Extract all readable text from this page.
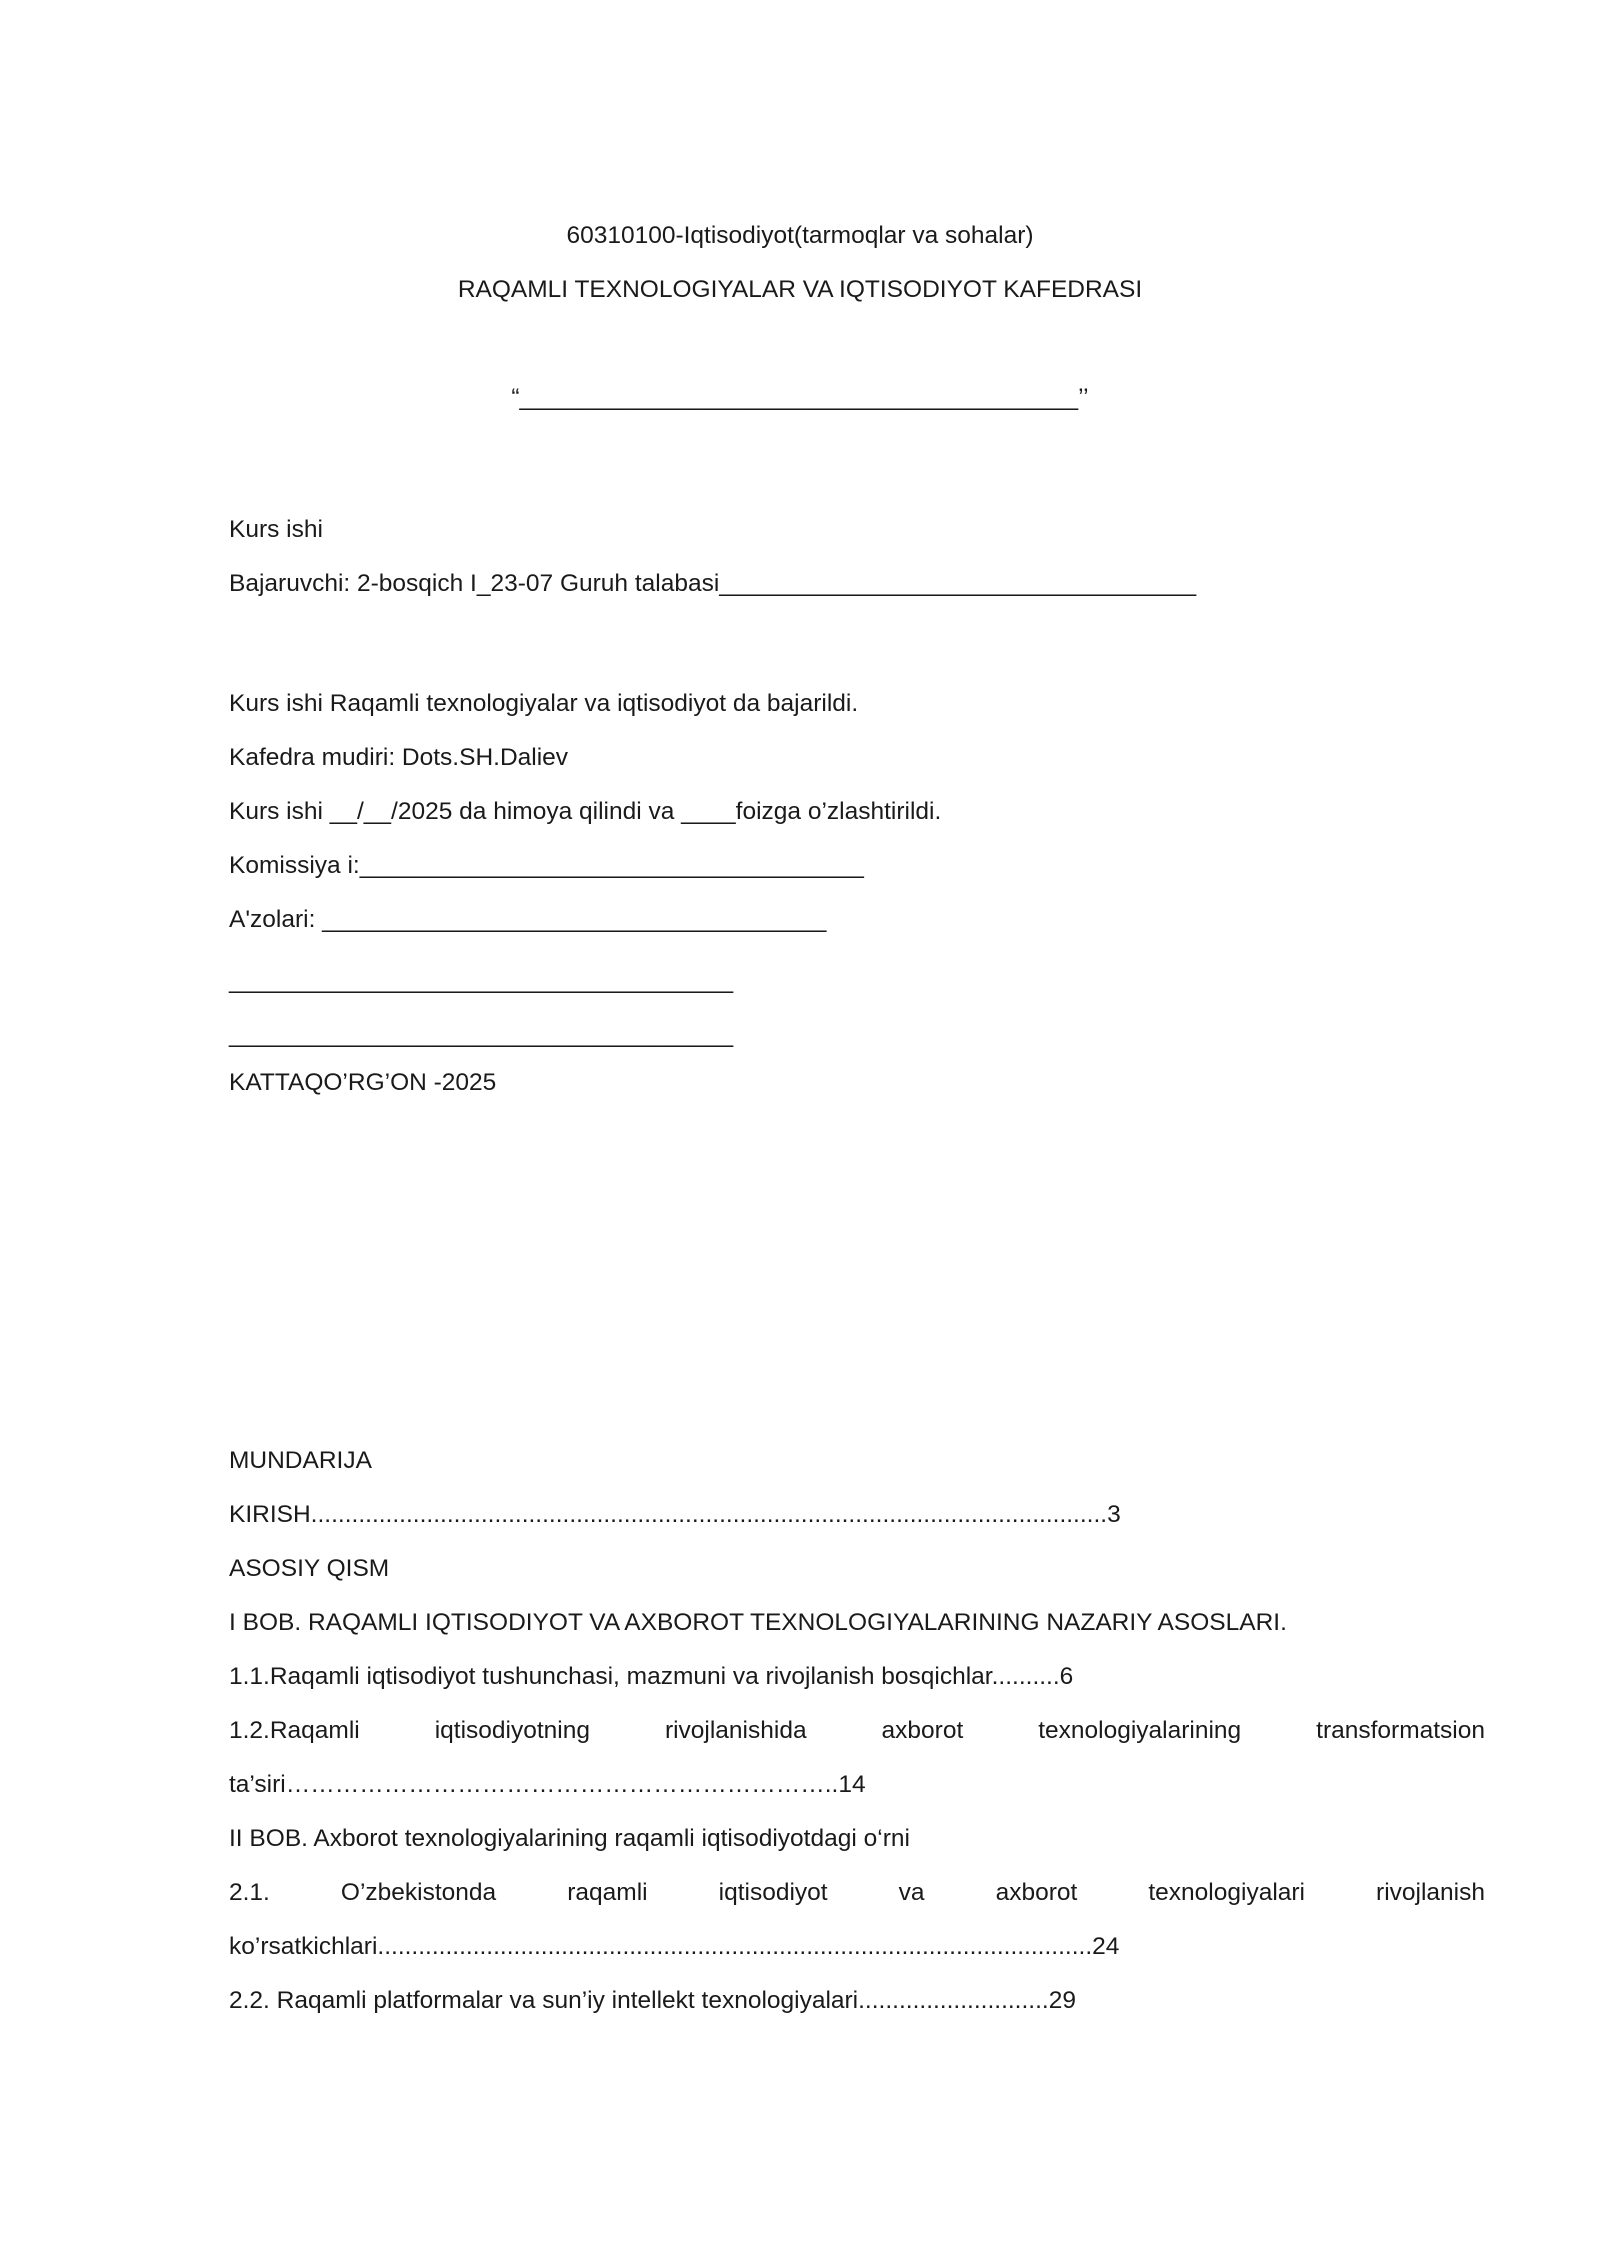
60310100-Iqtisodiyot(tarmoqlar va sohalar)

RAQAMLI TEXNOLOGIYALAR VA IQTISODIYOT KAFEDRASI

“_________________________________________’’

Kurs ishi

Bajaruvchi: 2-bosqich I_23-07 Guruh talabasi___________________________________

Kurs ishi Raqamli texnologiyalar va iqtisodiyot da bajarildi.

Kafedra mudiri: Dots.SH.Daliev

Kurs ishi __/__/2025 da himoya qilindi va ____foizga o’zlashtirildi.

Komissiya i:_____________________________________

A'zolari: _____________________________________

_____________________________________

_____________________________________

KATTAQO’RG’ON -2025

MUNDARIJA

KIRISH.....................................................................................................................3

ASOSIY QISM

I BOB. RAQAMLI IQTISODIYOT VA AXBOROT TEXNOLOGIYALARINING NAZARIY ASOSLARI.

1.1.Raqamli iqtisodiyot tushunchasi, mazmuni va rivojlanish bosqichlar..........6

1.2.Raqamli iqtisodiyotning rivojlanishida axborot texnologiyalarining transformatsion

ta’siri…………………………………………………………..14

II BOB. Axborot texnologiyalarining raqamli iqtisodiyotdagi o‘rni

2.1. O’zbekistonda raqamli iqtisodiyot va axborot texnologiyalari rivojlanish

ko’rsatkichlari.........................................................................................................24

2.2. Raqamli platformalar va sun’iy intellekt texnologiyalari............................29
